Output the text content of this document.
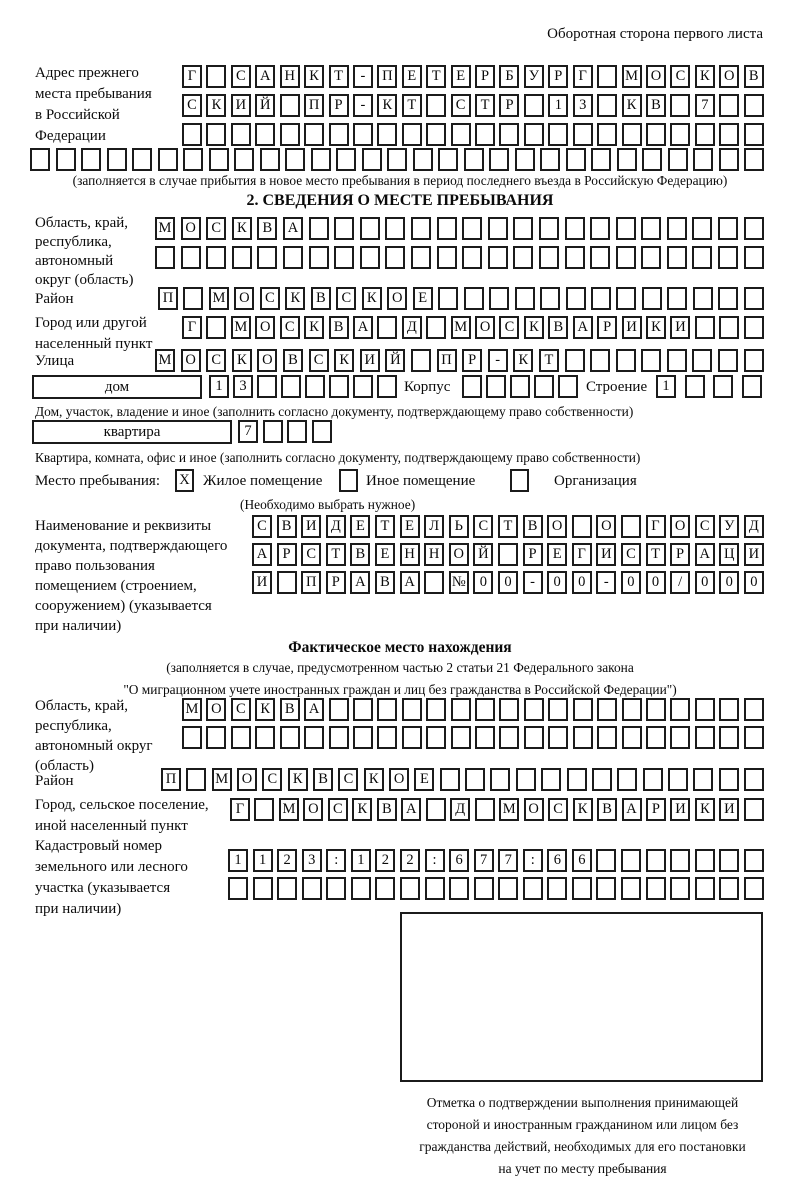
Оборотная сторона первого листа
Адрес прежнего
места пребывания
в Российской
Федерации
Г	С А Н К	Т	-	П	Е	Т	Е	Р	Б	У	Р	Г	М О С	К О В
С	К И Й	П	Р	-	К	Т	С	Т	Р	1	3	К	В	7
(заполняется в случае прибытия в новое место пребывания в период последнего въезда в Российскую Федерацию)
2. СВЕДЕНИЯ О МЕСТЕ ПРЕБЫВАНИЯ
Область, край,
республика,
автономный
округ (область)
М О	С	К	В	А
Район	П	М О	С	К	В	С	К	О	Е
Город или другой
населенный пункт
Г	М О С	К	В А	Д	М О С	К	В А	Р	И К И
Улица	М О	С	К	О	В	С	К	И	Й	П	Р	-	К	Т
дом	1	3	Корпус	Строение	1
Дом, участок, владение и иное (заполнить согласно документу, подтверждающему право собственности)
квартира	7
Квартира, комната, офис и иное (заполнить согласно документу, подтверждающему право собственности)
Место пребывания: X Жилое помещение	Иное помещение	Организация
(Необходимо выбрать нужное)
Наименование и реквизиты
документа, подтверждающего
право пользования
помещением (строением,
сооружением) (указывается
при наличии)
С	В	И Д	Е	Т	Е	Л	Ь	С	Т	В	О	О	Г	О	С	У	Д
А	Р	С	Т	В	Е	Н Н О Й	Р	Е	Г	И	С	Т	Р	А Ц И
И	П	Р	А	В	А	№ 0	0	-	0	0	-	0	0	/	0	0	0
Фактическое место нахождения
(заполняется в случае, предусмотренном частью 2 статьи 21 Федерального закона
"О миграционном учете иностранных граждан и лиц без гражданства в Российской Федерации")
Область, край,
республика,
автономный округ
(область)
М О С	К	В А
Район	П	М О	С	К	В	С	К	О	Е
Город, сельское поселение,
иной населенный пункт
Г	М О С	К	В А	Д	М О С	К	В А	Р	И К И
Кадастровый номер
земельного или лесного
участка (указывается
при наличии)
1	1	2	3	:	1	2	2	:	6	7	7	:	6	6
Отметка о подтверждении выполнения принимающей
стороной и иностранным гражданином или лицом без
гражданства действий, необходимых для его постановки
на учет по месту пребывания
